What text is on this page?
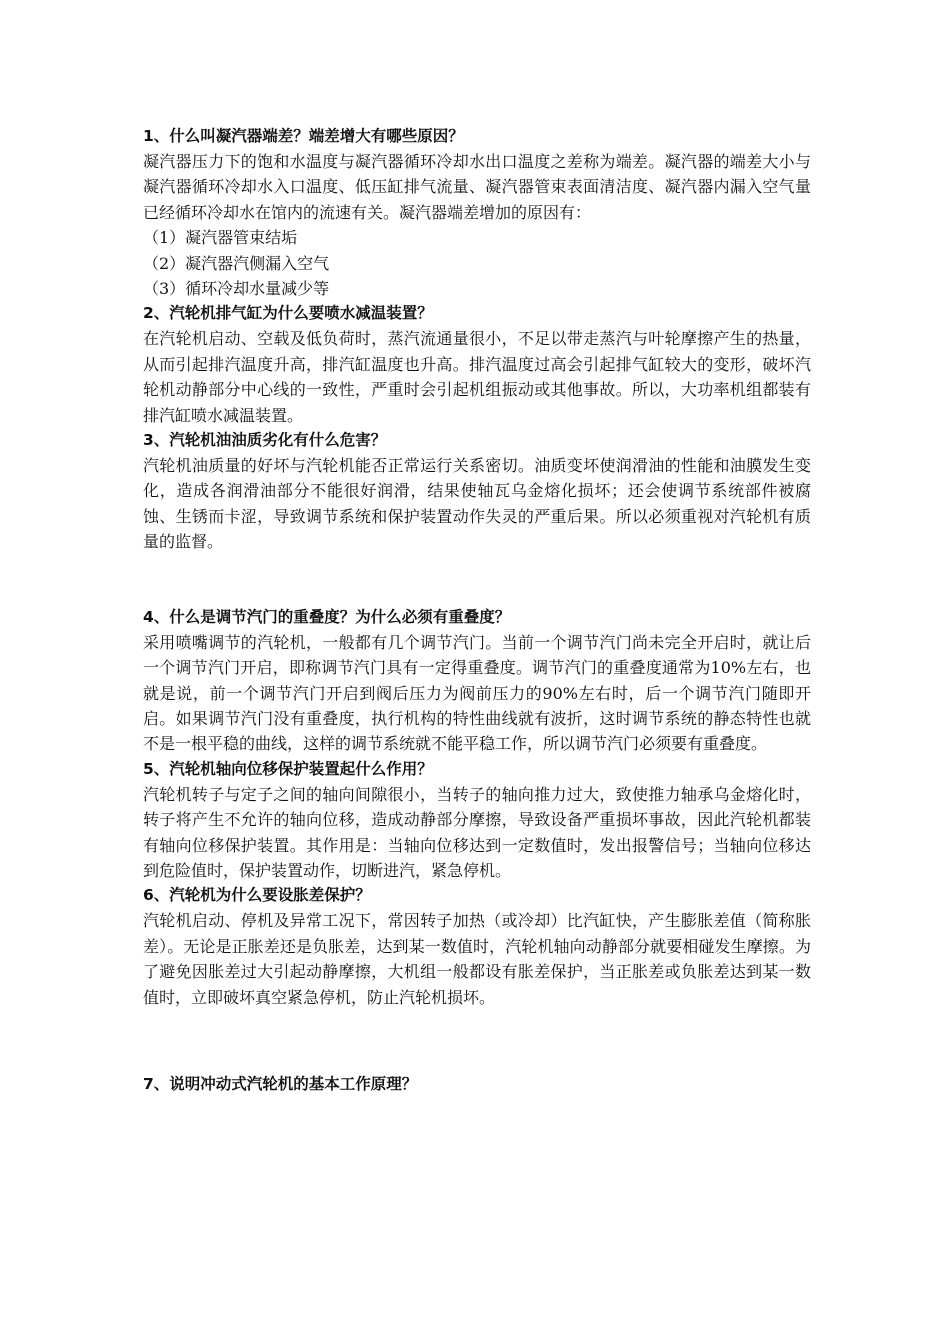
1、什么叫凝汽器端差？端差增大有哪些原因？

凝汽器压力下的饱和水温度与凝汽器循环冷却水出口温度之差称为端差。凝汽器的端差大小与凝汽器循环冷却水入口温度、低压缸排气流量、凝汽器管束表面清洁度、凝汽器内漏入空气量已经循环冷却水在馆内的流速有关。凝汽器端差增加的原因有：

（1）凝汽器管束结垢

（2）凝汽器汽侧漏入空气

（3）循环冷却水量减少等

2、汽轮机排气缸为什么要喷水减温装置？

在汽轮机启动、空载及低负荷时，蒸汽流通量很小，不足以带走蒸汽与叶轮摩擦产生的热量，从而引起排汽温度升高，排汽缸温度也升高。排汽温度过高会引起排气缸较大的变形，破坏汽轮机动静部分中心线的一致性，严重时会引起机组振动或其他事故。所以，大功率机组都装有排汽缸喷水减温装置。

3、汽轮机油油质劣化有什么危害？

汽轮机油质量的好坏与汽轮机能否正常运行关系密切。油质变坏使润滑油的性能和油膜发生变化，造成各润滑油部分不能很好润滑，结果使轴瓦乌金熔化损坏；还会使调节系统部件被腐蚀、生锈而卡涩，导致调节系统和保护装置动作失灵的严重后果。所以必须重视对汽轮机有质量的监督。

4、什么是调节汽门的重叠度？为什么必须有重叠度？

采用喷嘴调节的汽轮机，一般都有几个调节汽门。当前一个调节汽门尚未完全开启时，就让后一个调节汽门开启，即称调节汽门具有一定得重叠度。调节汽门的重叠度通常为10%左右，也就是说，前一个调节汽门开启到阀后压力为阀前压力的90%左右时，后一个调节汽门随即开启。如果调节汽门没有重叠度，执行机构的特性曲线就有波折，这时调节系统的静态特性也就不是一根平稳的曲线，这样的调节系统就不能平稳工作，所以调节汽门必须要有重叠度。

5、汽轮机轴向位移保护装置起什么作用？

汽轮机转子与定子之间的轴向间隙很小，当转子的轴向推力过大，致使推力轴承乌金熔化时，转子将产生不允许的轴向位移，造成动静部分摩擦，导致设备严重损坏事故，因此汽轮机都装有轴向位移保护装置。其作用是：当轴向位移达到一定数值时，发出报警信号；当轴向位移达到危险值时，保护装置动作，切断进汽，紧急停机。

6、汽轮机为什么要设胀差保护？

汽轮机启动、停机及异常工况下，常因转子加热（或冷却）比汽缸快，产生膨胀差值（简称胀差）。无论是正胀差还是负胀差，达到某一数值时，汽轮机轴向动静部分就要相碰发生摩擦。为了避免因胀差过大引起动静摩擦，大机组一般都设有胀差保护，当正胀差或负胀差达到某一数值时，立即破坏真空紧急停机，防止汽轮机损坏。

7、说明冲动式汽轮机的基本工作原理？
